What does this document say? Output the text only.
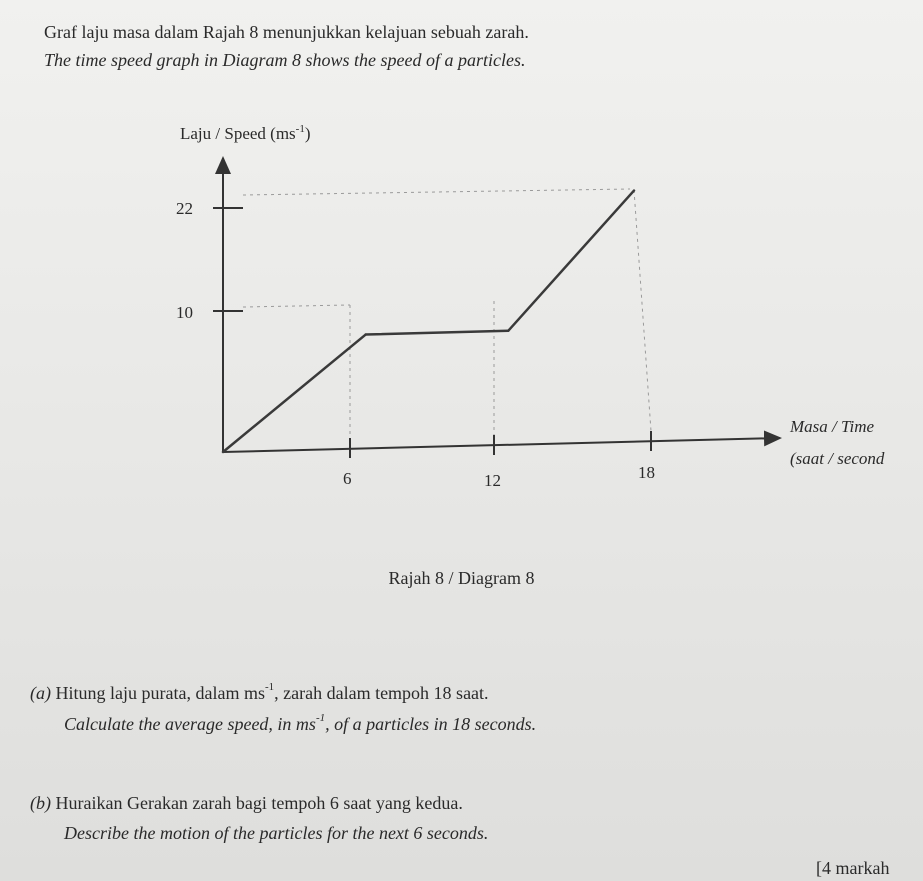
Graf laju masa dalam Rajah 8 menunjukkan kelajuan sebuah zarah.
The time speed graph in Diagram 8 shows the speed of a particles.
Laju / Speed $(ms^{-1})$
22
10
6	12	18
Masa / Time
(saat / second
Rajah 8 / Diagram 8
(a) Hitung laju purata, dalam $ms^{-1}$, zarah dalam tempoh 18 saat.
Calculate the average speed, in $ms^{-1}$, of a particles in 18 seconds.
(b) Huraikan Gerakan zarah bagi tempoh 6 saat yang kedua.
Describe the motion of the particles for the next 6 seconds.
[4 markah
